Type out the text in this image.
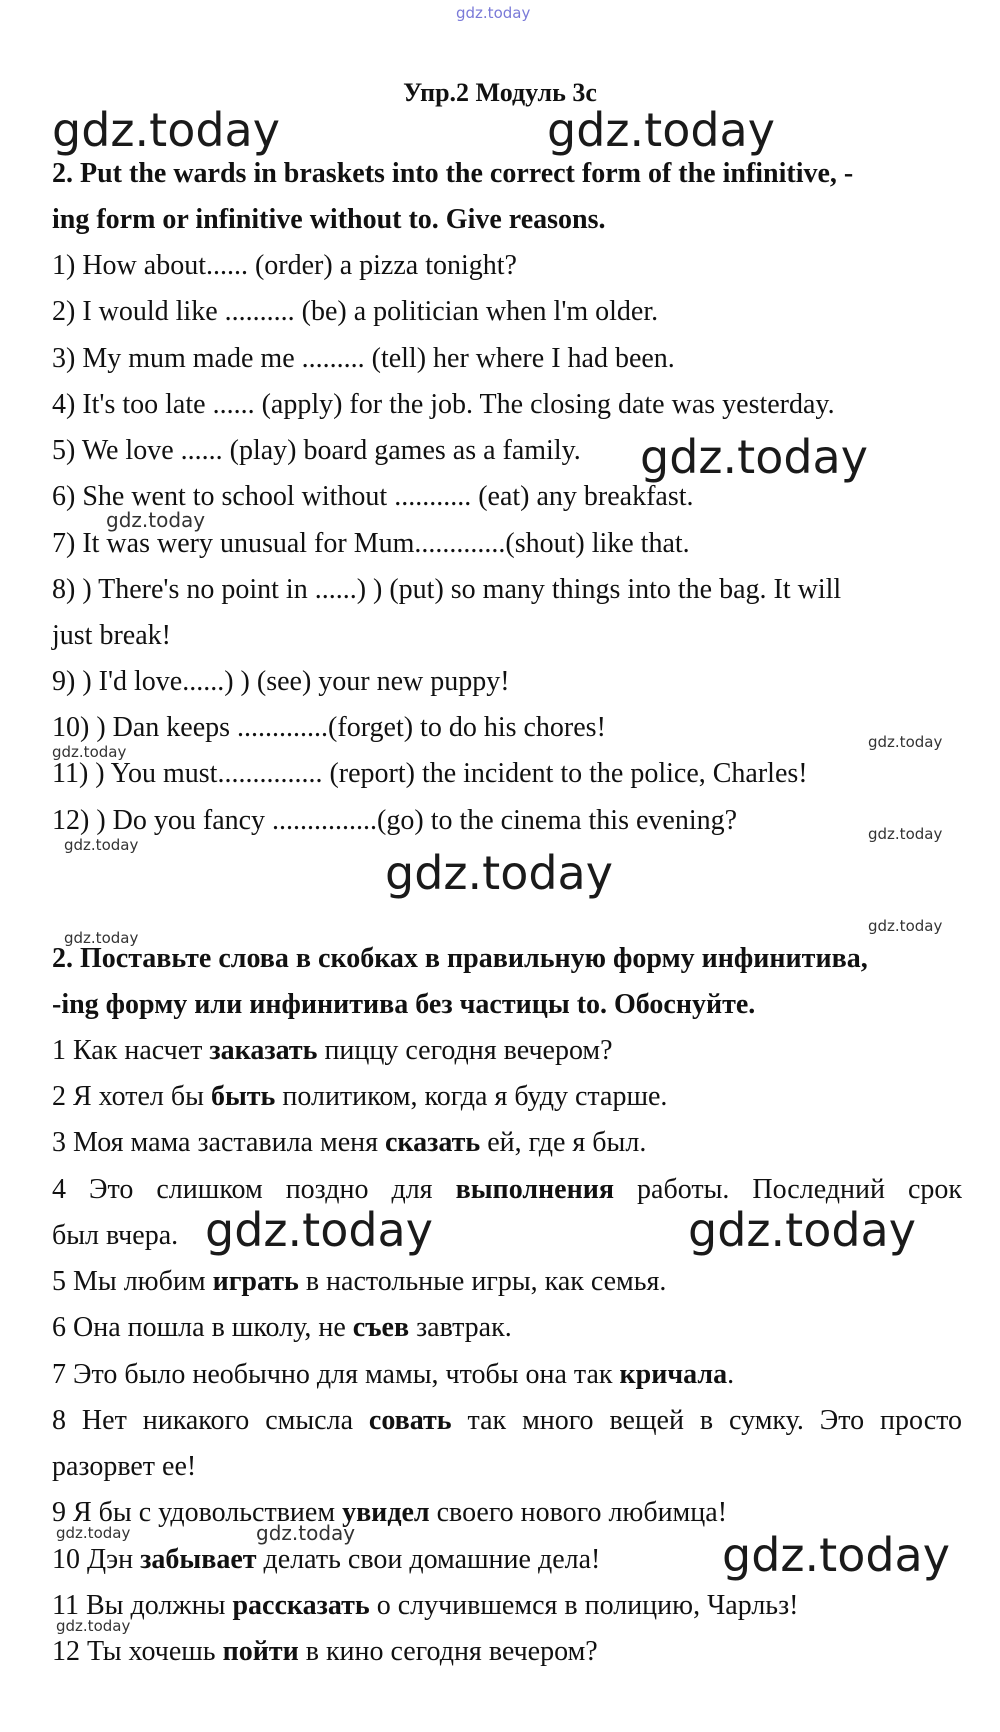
gdz.today
Упр.2 Модуль 3с
gdz.today	gdz.today
gdz.today
gdz.today
gdz.today	gdz.today
gdz.today
gdz.today
gdz.today
gdz.today
gdz.today
gdz.today
gdz.today
gdz.today
gdz.today	gdz.today
gdz.today
2. Put the wards in braskets into the correct form of the infinitive, -
ing form or infinitive without to. Give reasons.
1) How about...... (order) a pizza tonight?
2) I would like .......... (be) a politician when l'm older.
3) My mum made me ......... (tell) her where I had been.
4) It's too late ...... (apply) for the job. The closing date was yesterday.
5) We love ...... (play) board games as a family.
6) She went to school without ........... (eat) any breakfast.
7) It was wery unusual for Mum.............(shout) like that.
8) ) There's no point in ......) ) (put) so many things into the bag. It will
just break!
9) ) I'd love......) ) (see) your new puppy!
10) ) Dan keeps .............(forget) to do his chores!
11) ) You must............... (report) the incident to the police, Charles!
12) ) Do you fancy ...............(go) to the cinema this evening?
2. Поставьте слова в скобках в правильную форму инфинитива,
-ing форму или инфинитива без частицы to. Обоснуйте.
1 Как насчет заказать пиццу сегодня вечером?
2 Я хотел бы быть политиком, когда я буду старше.
3 Моя мама заставила меня сказать ей, где я был.
4 Это слишком поздно для выполнения работы. Последний срок
был вчера.
5 Мы любим играть в настольные игры, как семья.
6 Она пошла в школу, не съев завтрак.
7 Это было необычно для мамы, чтобы она так кричала.
8 Нет никакого смысла совать так много вещей в сумку. Это просто
разорвет ее!
9 Я бы с удовольствием увидел своего нового любимца!
10 Дэн забывает делать свои домашние дела!
11 Вы должны рассказать о случившемся в полицию, Чарльз!
12 Ты хочешь пойти в кино сегодня вечером?
